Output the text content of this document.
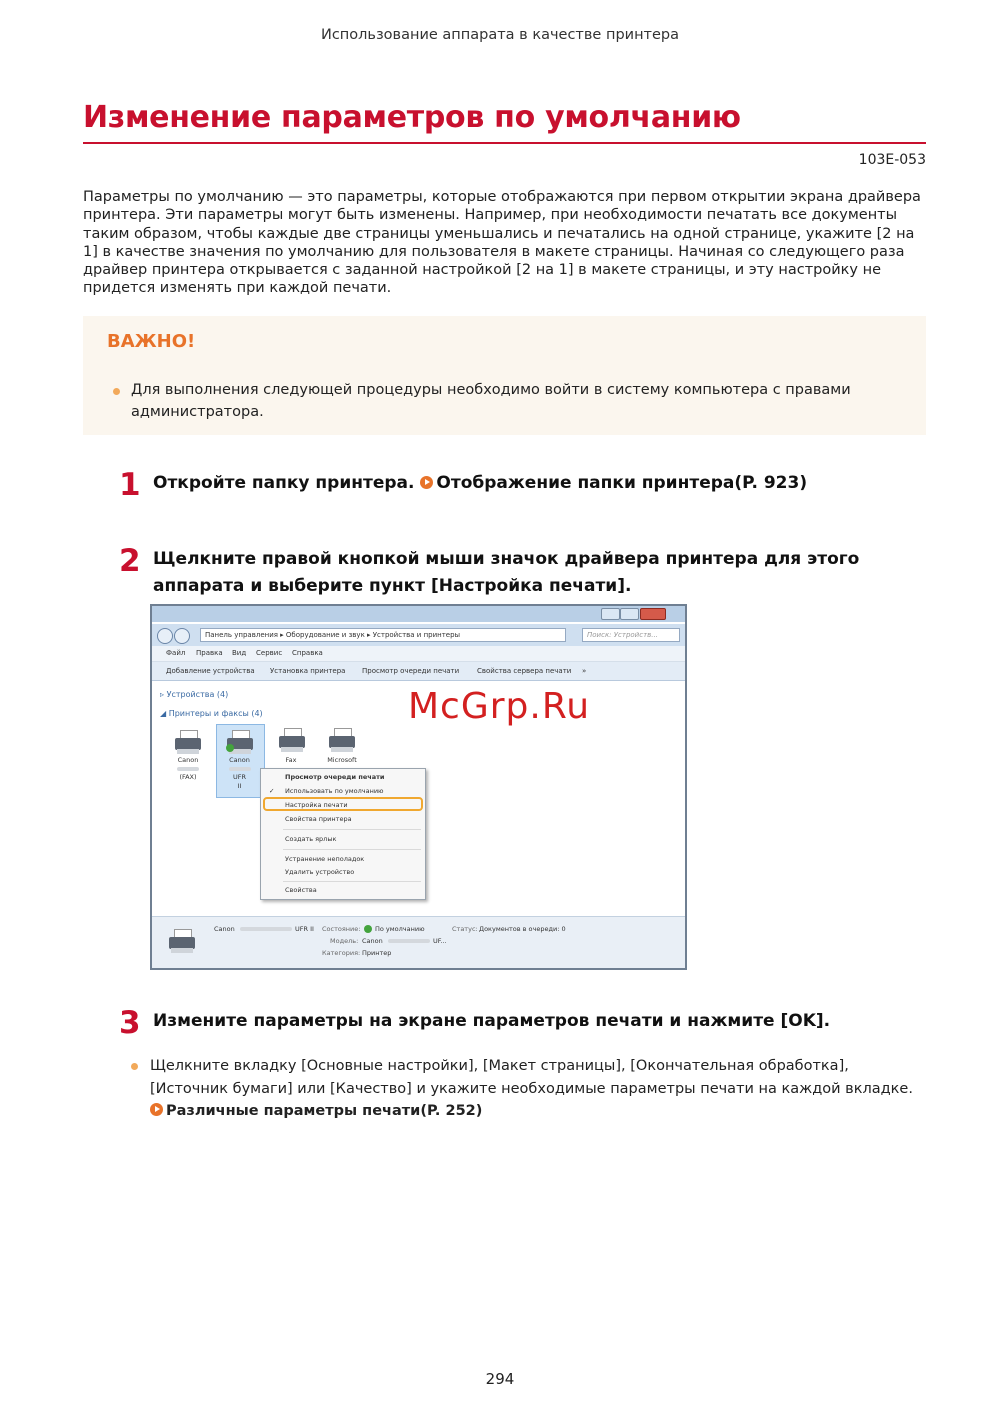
Использование аппарата в качестве принтера
Изменение параметров по умолчанию
103E-053
Параметры по умолчанию — это параметры, которые отображаются при первом открытии экрана драйвера принтера. Эти параметры могут быть изменены. Например, при необходимости печатать все документы таким образом, чтобы каждые две страницы уменьшались и печатались на одной странице, укажите [2 на 1] в качестве значения по умолчанию для пользователя в макете страницы. Начиная со следующего раза драйвер принтера открывается с заданной настройкой [2 на 1] в макете страницы, и эту настройку не придется изменять при каждой печати.
ВАЖНО!
Для выполнения следующей процедуры необходимо войти в систему компьютера с правами администратора.
1 Откройте папку принтера. Отображение папки принтера(P. 923)
2 Щелкните правой кнопкой мыши значок драйвера принтера для этого аппарата и выберите пункт [Настройка печати].
Панель управления ▸ Оборудование и звук ▸ Устройства и принтеры	Поиск: Устройств...
Файл Правка Вид Сервис Справка
Добавление устройства Установка принтера Просмотр очереди печати	Свойства сервера печати »
▹ Устройства (4)
◢ Принтеры и факсы (4)
Canon
(FAX)
Canon
UFR
II
Fax	Microsoft
Просмотр очереди печати
✓ Использовать по умолчанию
Настройка печати
Свойства принтера
Создать ярлык
Устранение неполадок
Удалить устройство
Свойства
Canon	UFR II Состояние: По умолчанию	Статус: Документов в очереди: 0
Модель: Canon	UF...
Категория: Принтер
McGrp.Ru
3 Измените параметры на экране параметров печати и нажмите [OK].
Щелкните вкладку [Основные настройки], [Макет страницы], [Окончательная обработка], [Источник бумаги] или [Качество] и укажите необходимые параметры печати на каждой вкладке. Различные параметры печати(P. 252)
294
